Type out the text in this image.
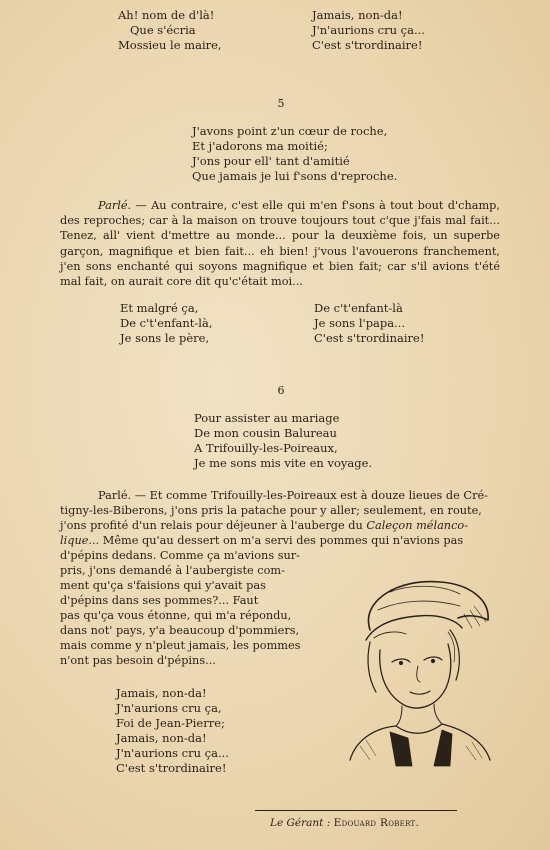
Ah! nom de d'là!
Que s'écria
Mossieu le maire,
Jamais, non-da!
J'n'aurions cru ça...
C'est s'trordinaire!
5
J'avons point z'un cœur de roche,
Et j'adorons ma moitié;
J'ons pour ell' tant d'amitié
Que jamais je lui f'sons d'reproche.

Parlé. — Au contraire, c'est elle qui m'en f'sons à tout bout d'champ, des reproches; car à la maison on trouve toujours tout c'que j'fais mal fait... Tenez, all' vient d'mettre au monde... pour la deuxième fois, un superbe garçon, magnifique et bien fait... eh bien! j'vous l'avouerons franchement, j'en sons enchanté qui soyons magnifique et bien fait; car s'il avions t'été mal fait, on aurait core dit qu'c'était moi...

Et malgré ça,
De c't'enfant-là,
Je sons le père,
De c't'enfant-là
Je sons l'papa...
C'est s'trordinaire!
6
Pour assister au mariage
De mon cousin Balureau
A Trifouilly-les-Poireaux,
Je me sons mis vite en voyage.
Parlé. — Et comme Trifouilly-les-Poireaux est à douze lieues de Cré-
tigny-les-Biberons, j'ons pris la patache pour y aller; seulement, en route,
j'ons profité d'un relais pour déjeuner à l'auberge du Caleçon mélanco-
lique... Même qu'au dessert on m'a servi des pommes qui n'avions pas
d'pépins dedans. Comme ça m'avions sur-
pris, j'ons demandé à l'aubergiste com-
ment qu'ça s'faisions qui y'avait pas
d'pépins dans ses pommes?... Faut
pas qu'ça vous étonne, qui m'a répondu,
dans not' pays, y'a beaucoup d'pommiers,
mais comme y n'pleut jamais, les pommes
n'ont pas besoin d'pépins...
Jamais, non-da!
J'n'aurions cru ça,
Foi de Jean-Pierre;
Jamais, non-da!
J'n'aurions cru ça...
C'est s'trordinaire!
Le Gérant : Edouard Robert.
